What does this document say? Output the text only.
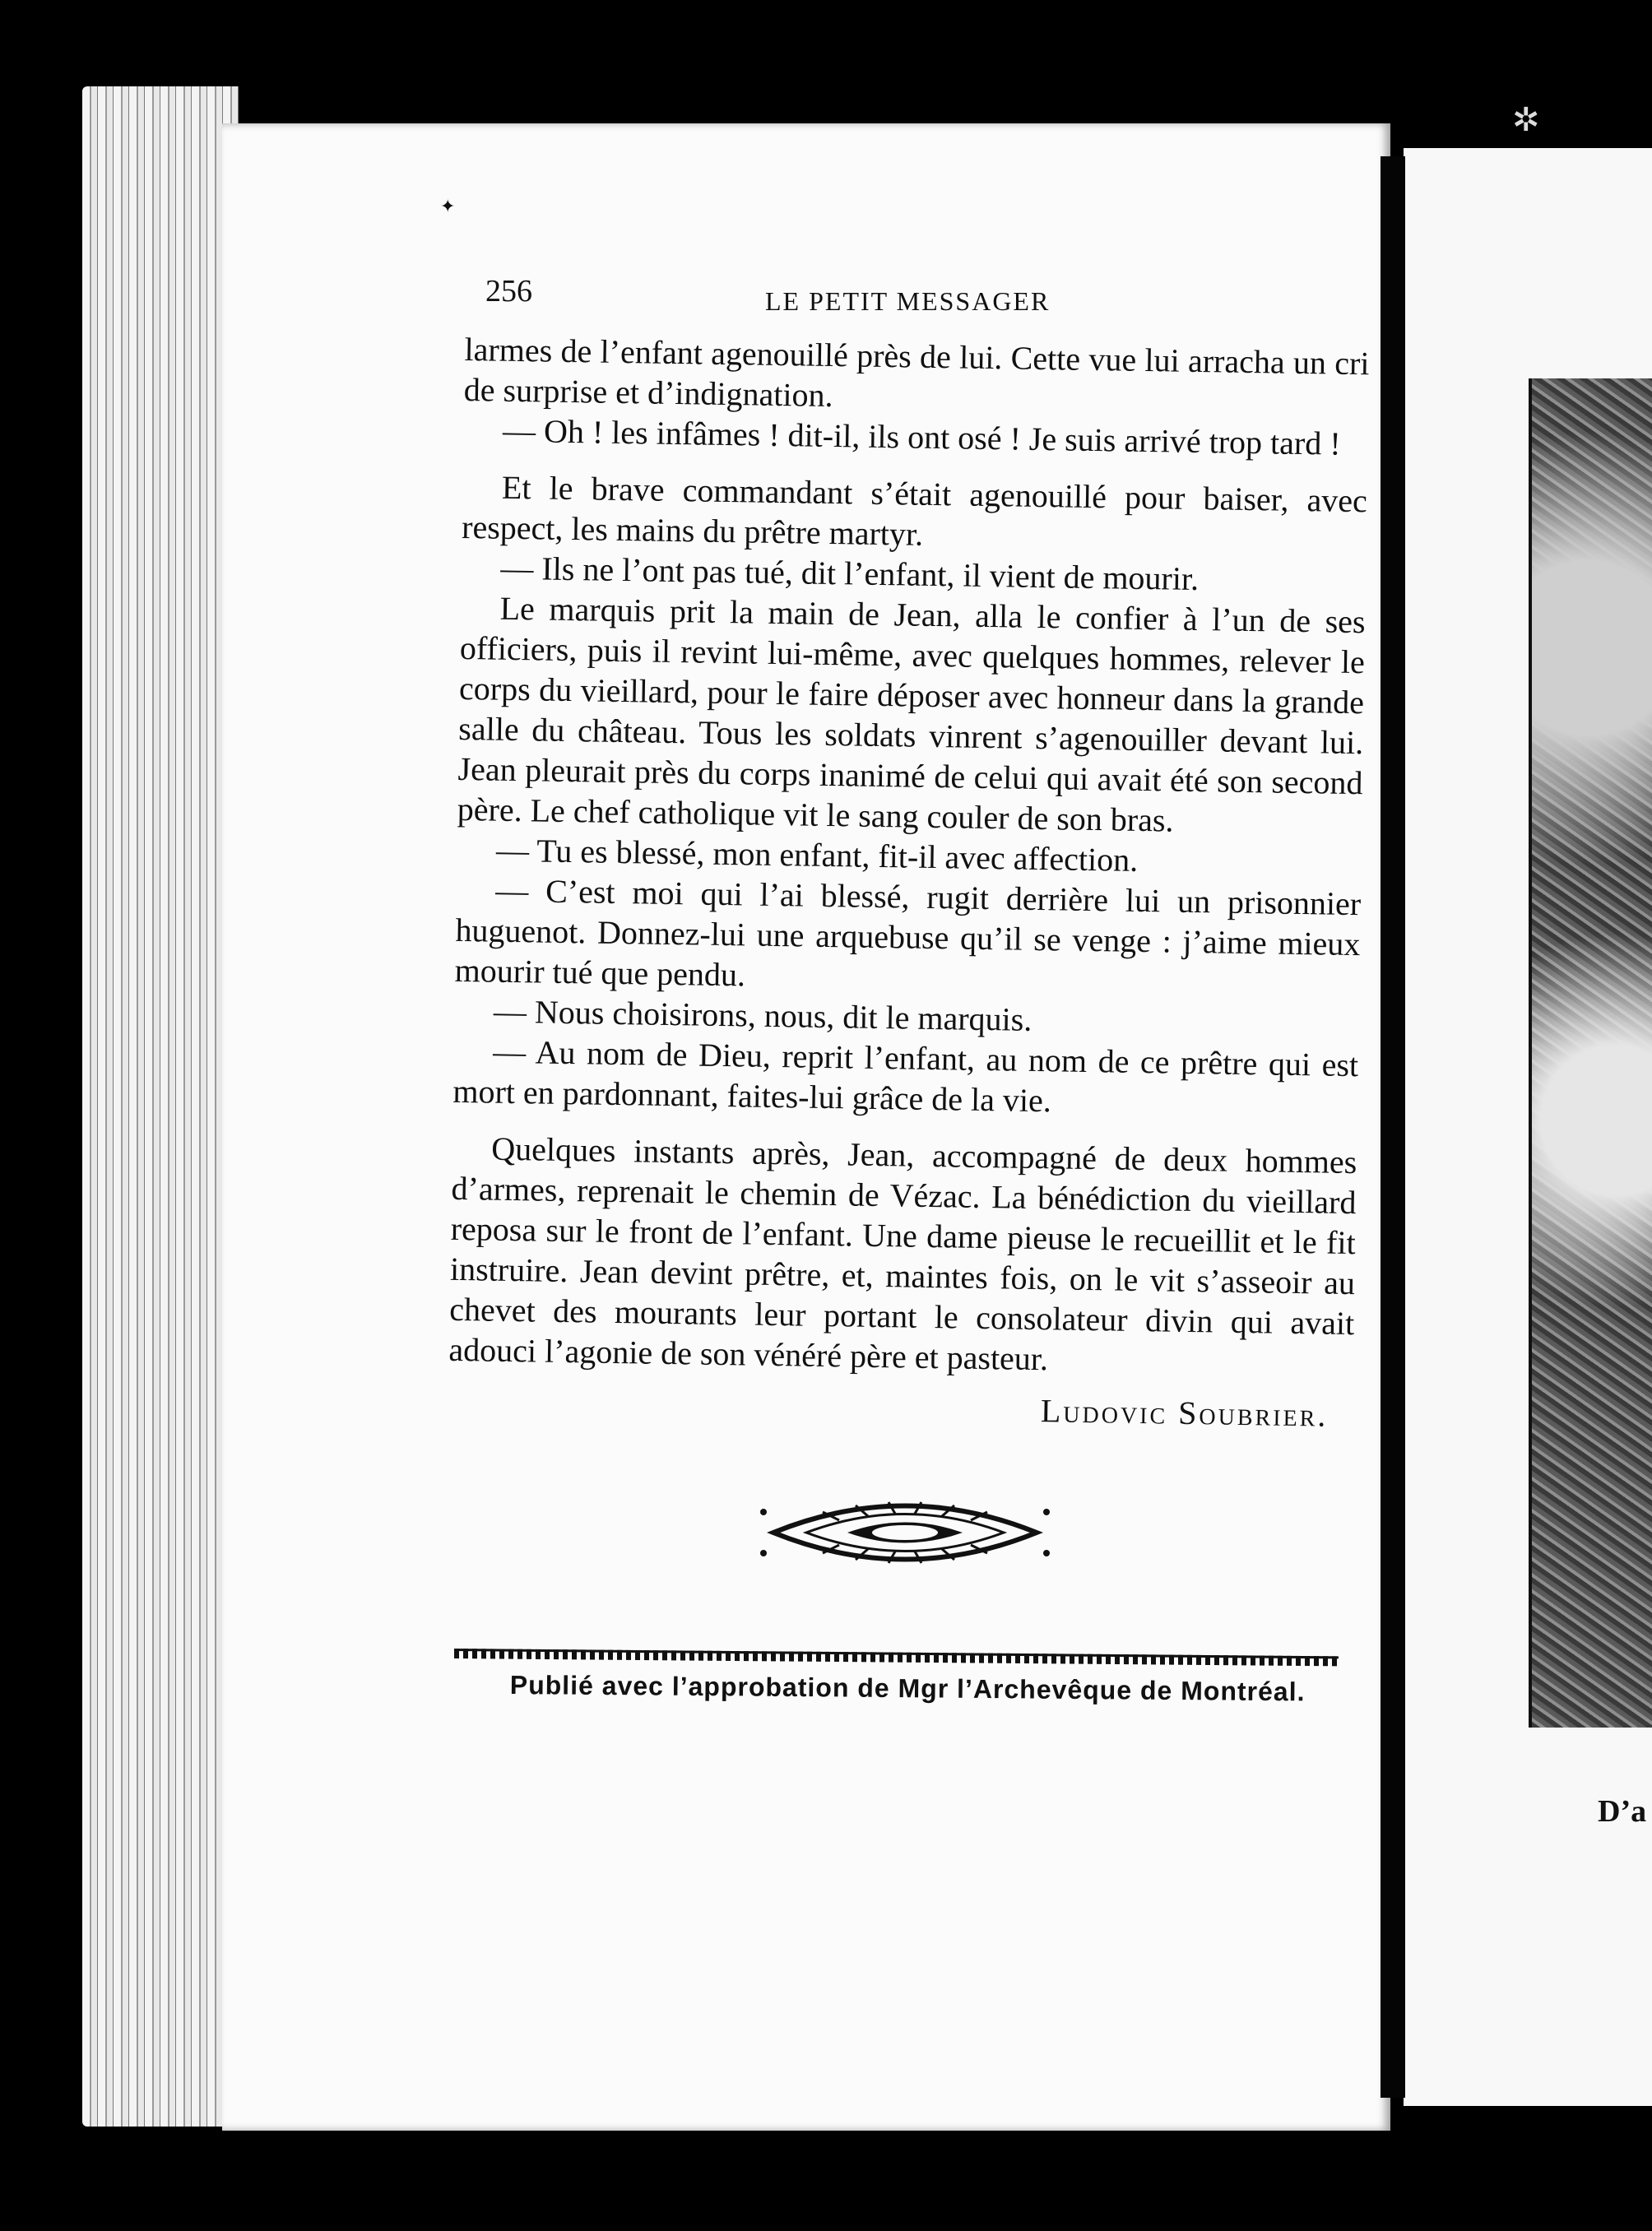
D’a
✦
✲
256	LE PETIT MESSAGER

larmes de l’enfant agenouillé près de lui. Cette vue lui arracha un cri de surprise et d’indignation.

— Oh ! les infâmes ! dit-il, ils ont osé ! Je suis arrivé trop tard !

Et le brave commandant s’était agenouillé pour baiser, avec respect, les mains du prêtre martyr.

— Ils ne l’ont pas tué, dit l’enfant, il vient de mourir.

Le marquis prit la main de Jean, alla le confier à l’un de ses officiers, puis il revint lui-même, avec quelques hommes, relever le corps du vieillard, pour le faire déposer avec honneur dans la grande salle du château. Tous les soldats vinrent s’agenouiller devant lui. Jean pleurait près du corps inanimé de celui qui avait été son second père. Le chef catholique vit le sang couler de son bras.

— Tu es blessé, mon enfant, fit-il avec affection.

— C’est moi qui l’ai blessé, rugit derrière lui un prisonnier huguenot. Donnez-lui une arquebuse qu’il se venge : j’aime mieux mourir tué que pendu.

— Nous choisirons, nous, dit le marquis.

— Au nom de Dieu, reprit l’enfant, au nom de ce prêtre qui est mort en pardonnant, faites-lui grâce de la vie.

Quelques instants après, Jean, accompagné de deux hommes d’armes, reprenait le chemin de Vézac. La bénédiction du vieillard reposa sur le front de l’enfant. Une dame pieuse le recueillit et le fit instruire. Jean devint prêtre, et, maintes fois, on le vit s’asseoir au chevet des mourants leur portant le consolateur divin qui avait adouci l’agonie de son vénéré père et pasteur.

Ludovic Soubrier.
Publié avec l’approbation de Mgr l’Archevêque de Montréal.
